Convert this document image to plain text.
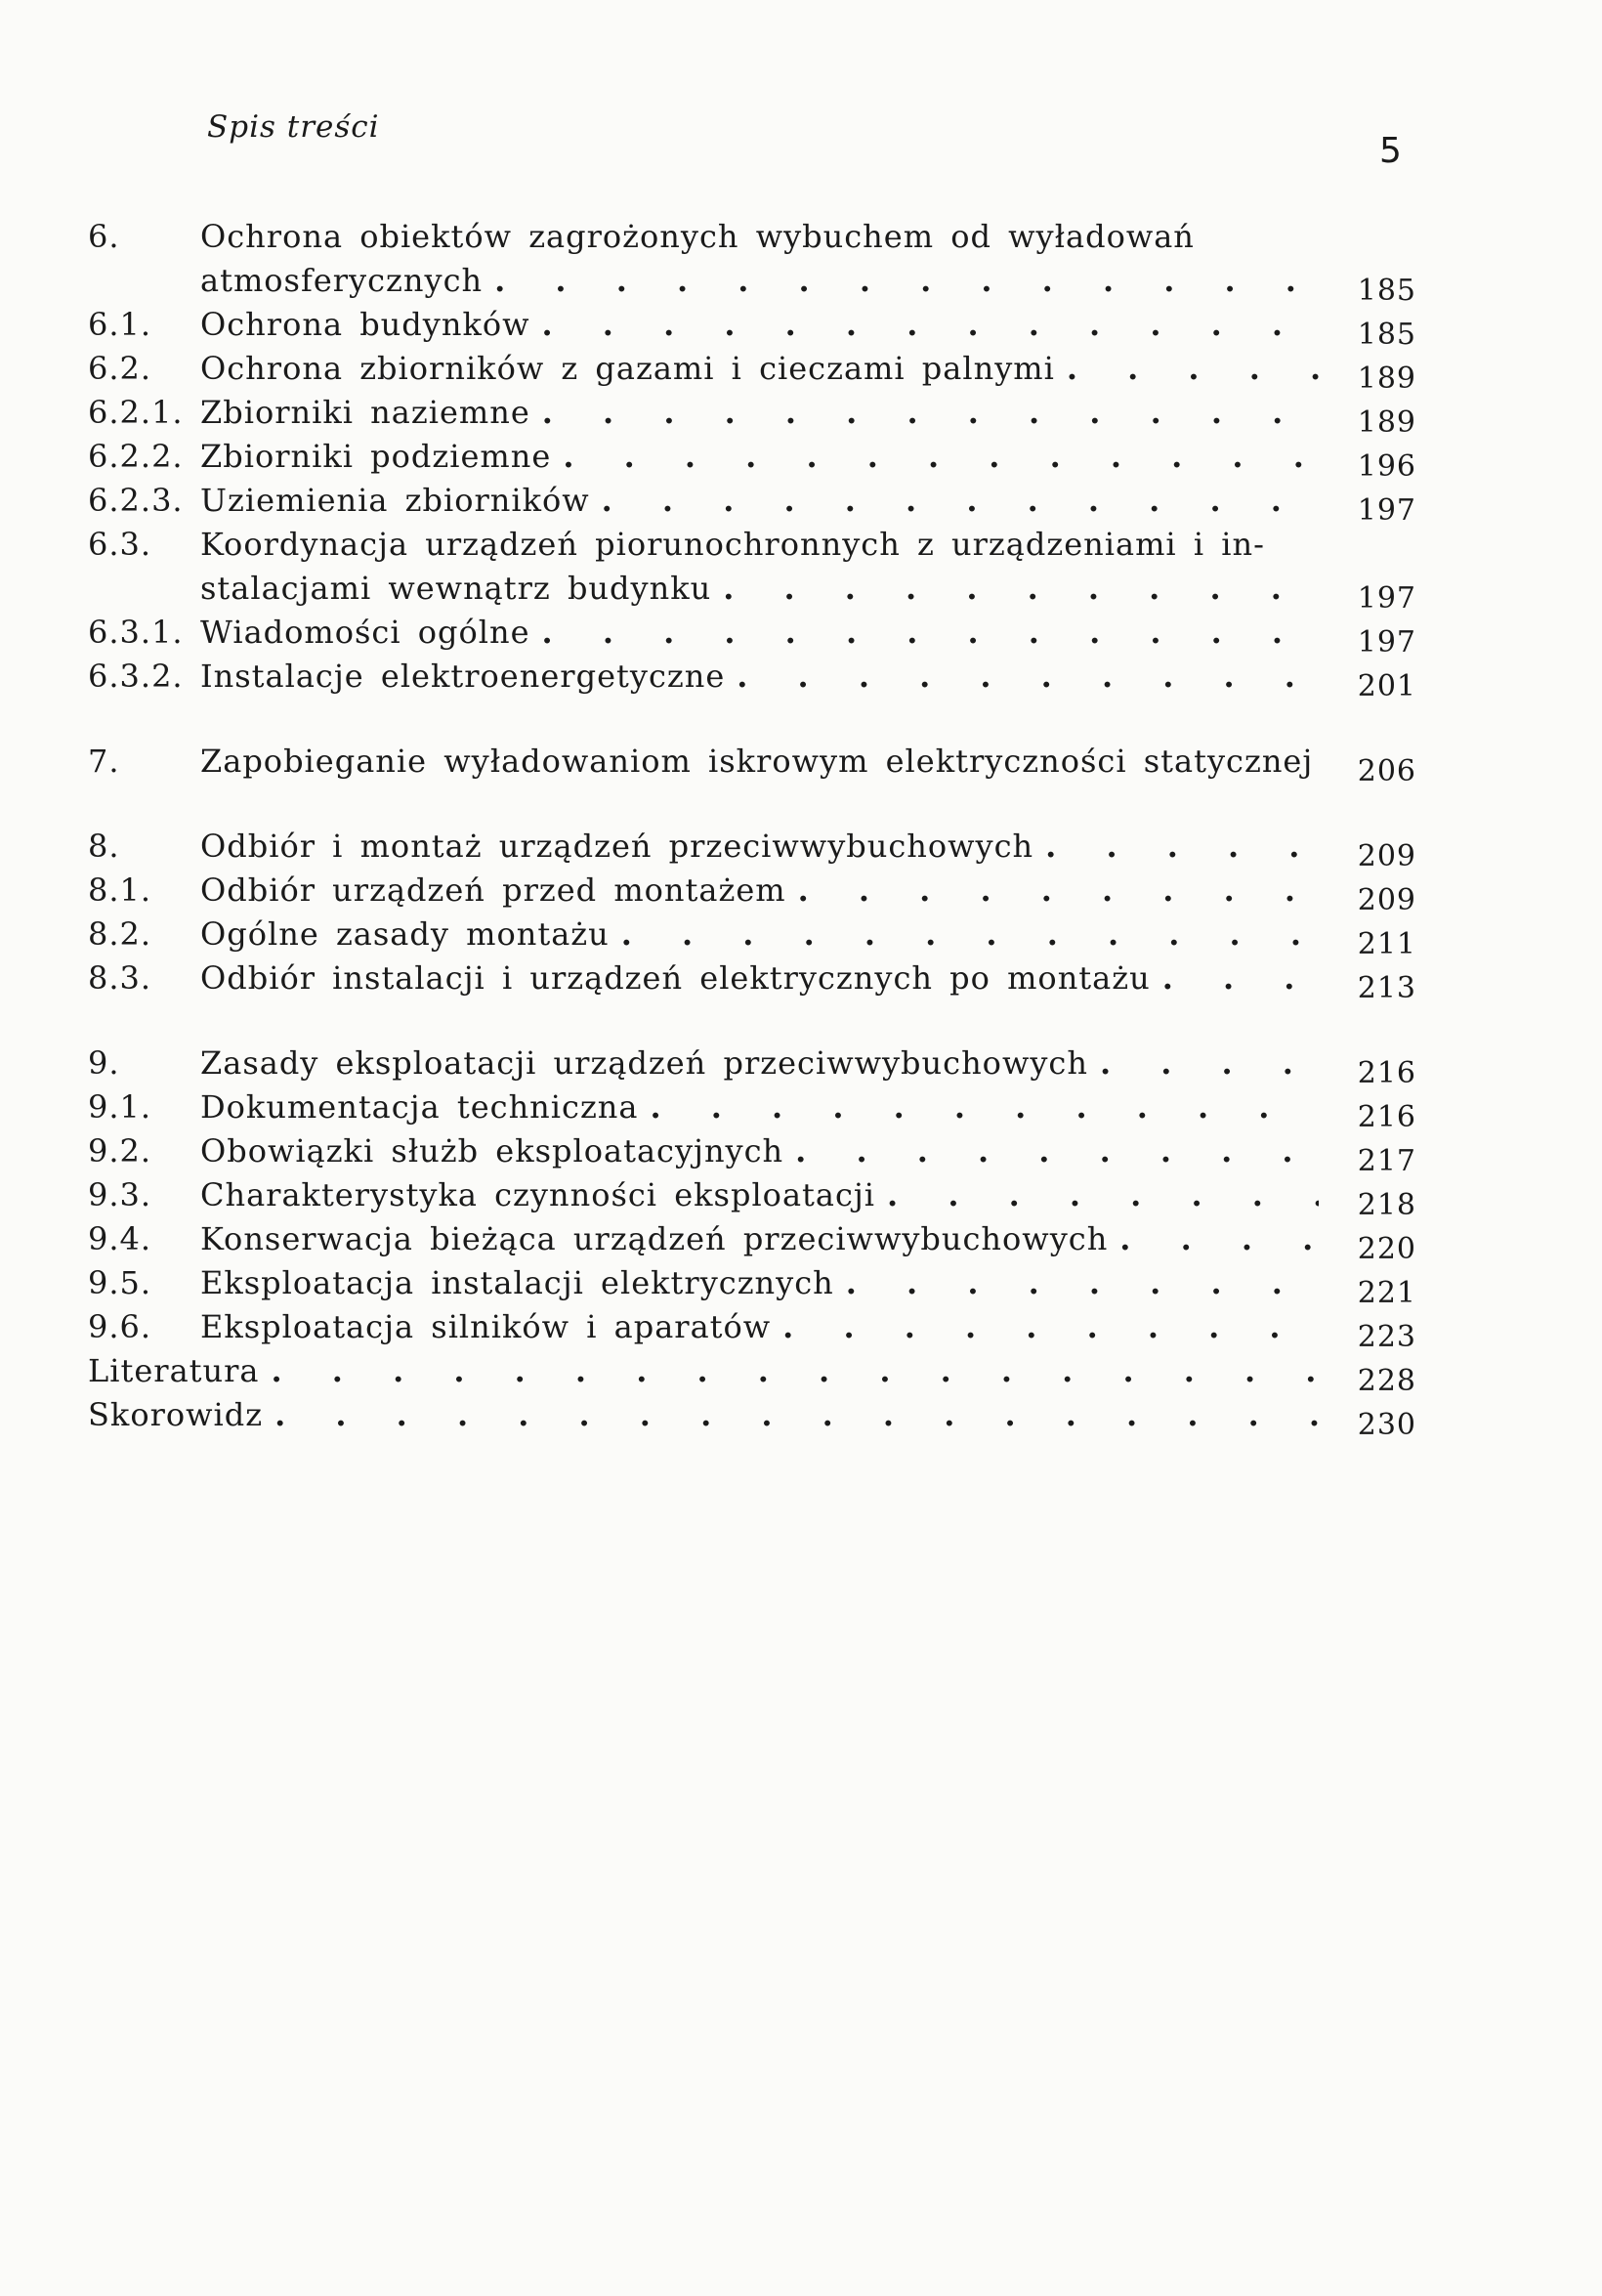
Spis treści
5
6.	Ochrona obiektów zagrożonych wybuchem od wyładowań
atmosferycznych . . .	185
6.1.	Ochrona budynków . . .	185
6.2.	Ochrona zbiorników z gazami i cieczami palnymi . . .	189
6.2.1. Zbiorniki naziemne . . .	189
6.2.2. Zbiorniki podziemne . . .	196
6.2.3. Uziemienia zbiorników . . .	197
6.3.	Koordynacja urządzeń piorunochronnych z urządzeniami i in-
stalacjami wewnątrz budynku . . .	197
6.3.1. Wiadomości ogólne . . .	197
6.3.2. Instalacje elektroenergetyczne . . .	201
7.	Zapobieganie wyładowaniom iskrowym elektryczności statycznej	206
8.	Odbiór i montaż urządzeń przeciwwybuchowych . . .	209
8.1.	Odbiór urządzeń przed montażem . . .	209
8.2.	Ogólne zasady montażu . . .	211
8.3.	Odbiór instalacji i urządzeń elektrycznych po montażu . . .	213
9.	Zasady eksploatacji urządzeń przeciwwybuchowych . . .	216
9.1.	Dokumentacja techniczna . . .	216
9.2.	Obowiązki służb eksploatacyjnych . . .	217
9.3.	Charakterystyka czynności eksploatacji . . .	218
9.4.	Konserwacja bieżąca urządzeń przeciwwybuchowych . . .	220
9.5.	Eksploatacja instalacji elektrycznych . . .	221
9.6.	Eksploatacja silników i aparatów . . .	223
Literatura . . .	228
Skorowidz . . .	230
